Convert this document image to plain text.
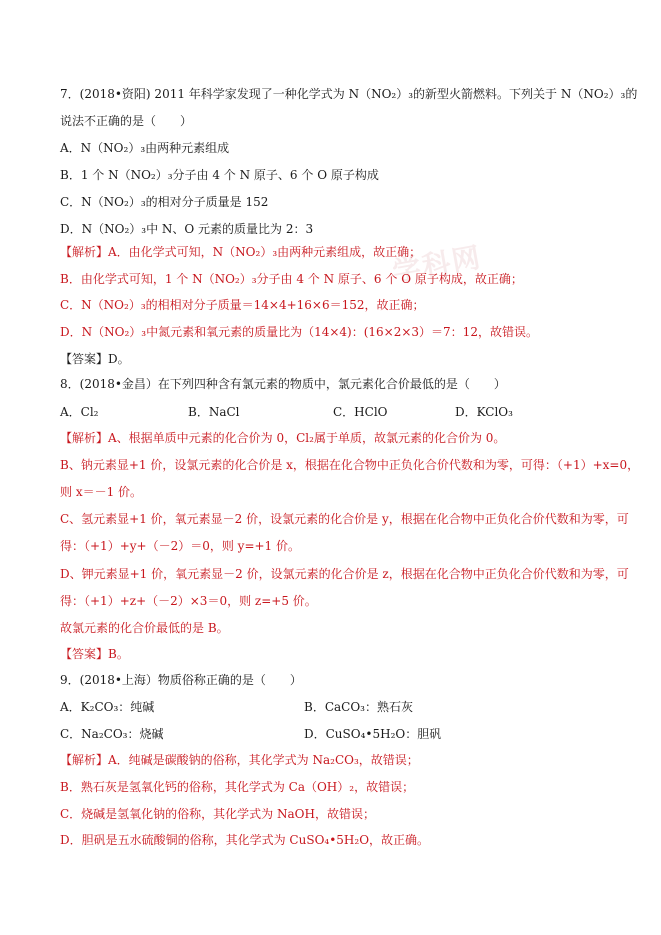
学科网

7．(2018•资阳) 2011 年科学家发现了一种化学式为 N（NO₂）₃的新型火箭燃料。下列关于 N（NO₂）₃的

说法不正确的是（　　）

A．N（NO₂）₃由两种元素组成

B．1 个 N（NO₂）₃分子由 4 个 N 原子、6 个 O 原子构成

C．N（NO₂）₃的相对分子质量是 152

D．N（NO₂）₃中 N、O 元素的质量比为 2：3

【解析】A．由化学式可知，N（NO₂）₃由两种元素组成，故正确；

B．由化学式可知，1 个 N（NO₂）₃分子由 4 个 N 原子、6 个 O 原子构成，故正确；

C．N（NO₂）₃的相相对分子质量＝14×4+16×6＝152，故正确；

D．N（NO₂）₃中氮元素和氧元素的质量比为（14×4)：(16×2×3）＝7：12，故错误。

【答案】D。

8．(2018•金昌）在下列四种含有氯元素的物质中，氯元素化合价最低的是（　　）

A．Cl₂	B．NaCl	C．HClO	D．KClO₃

【解析】A、根据单质中元素的化合价为 0，Cl₂属于单质，故氯元素的化合价为 0。

B、钠元素显+1 价，设氯元素的化合价是 x，根据在化合物中正负化合价代数和为零，可得：（+1）+x=0，

则 x＝－1 价。

C、氢元素显+1 价，氧元素显－2 价，设氯元素的化合价是 y，根据在化合物中正负化合价代数和为零，可

得：（+1）+y+（－2）＝0，则 y=+1 价。

D、钾元素显+1 价，氧元素显－2 价，设氯元素的化合价是 z，根据在化合物中正负化合价代数和为零，可

得：（+1）+z+（－2）×3＝0，则 z=+5 价。

故氯元素的化合价最低的是 B。

【答案】B。

9．(2018•上海）物质俗称正确的是（　　）

A．K₂CO₃：纯碱	B．CaCO₃：熟石灰
C．Na₂CO₃：烧碱	D．CuSO₄•5H₂O：胆矾

【解析】A．纯碱是碳酸钠的俗称，其化学式为 Na₂CO₃，故错误；

B．熟石灰是氢氧化钙的俗称，其化学式为 Ca（OH）₂，故错误；

C．烧碱是氢氧化钠的俗称，其化学式为 NaOH，故错误；

D．胆矾是五水硫酸铜的俗称，其化学式为 CuSO₄•5H₂O，故正确。
